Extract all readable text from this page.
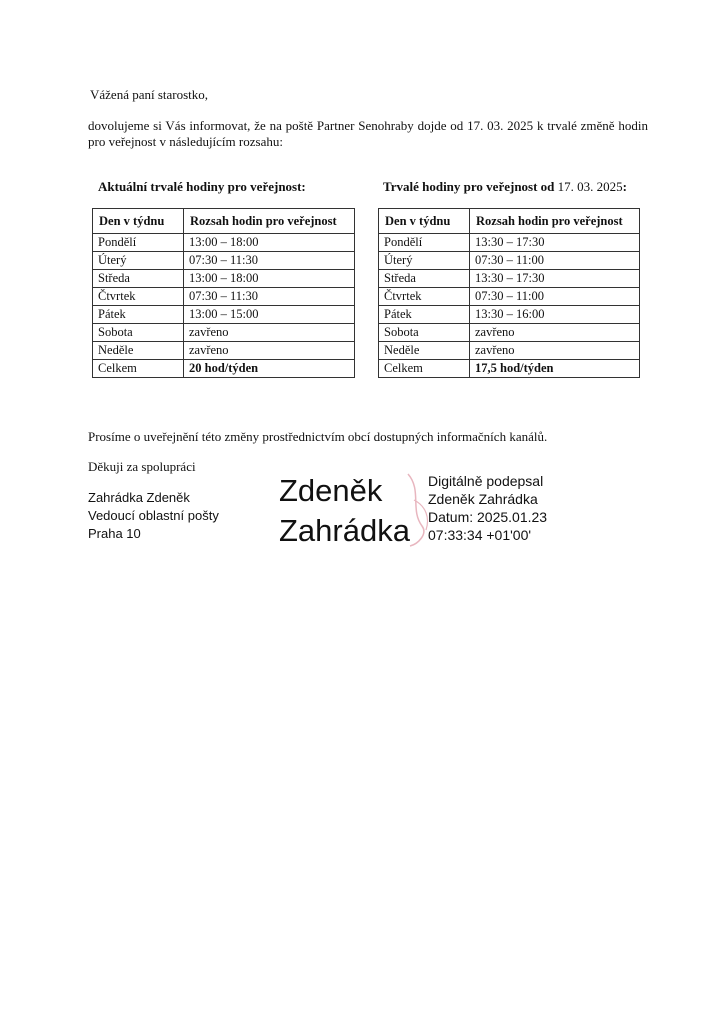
Vážená paní starostko,
dovolujeme si Vás informovat, že na poště Partner Senohraby dojde od 17. 03. 2025 k trvalé změně hodin pro veřejnost v následujícím rozsahu:
Aktuální trvalé hodiny pro veřejnost:	Trvalé hodiny pro veřejnost od 17. 03. 2025:
Den v týdnu	Rozsah hodin pro veřejnost
Pondělí	13:00 – 18:00
Úterý	07:30 – 11:30
Středa	13:00 – 18:00
Čtvrtek	07:30 – 11:30
Pátek	13:00 – 15:00
Sobota	zavřeno
Neděle	zavřeno
Celkem	20 hod/týden
Den v týdnu	Rozsah hodin pro veřejnost
Pondělí	13:30 – 17:30
Úterý	07:30 – 11:00
Středa	13:30 – 17:30
Čtvrtek	07:30 – 11:00
Pátek	13:30 – 16:00
Sobota	zavřeno
Neděle	zavřeno
Celkem	17,5 hod/týden
Prosíme o uveřejnění této změny prostřednictvím obcí dostupných informačních kanálů.
Děkuji za spolupráci
Zahrádka Zdeněk
Vedoucí oblastní pošty
Praha 10
Zdeněk
Zahrádka
Digitálně podepsal
Zdeněk Zahrádka
Datum: 2025.01.23
07:33:34 +01'00'
